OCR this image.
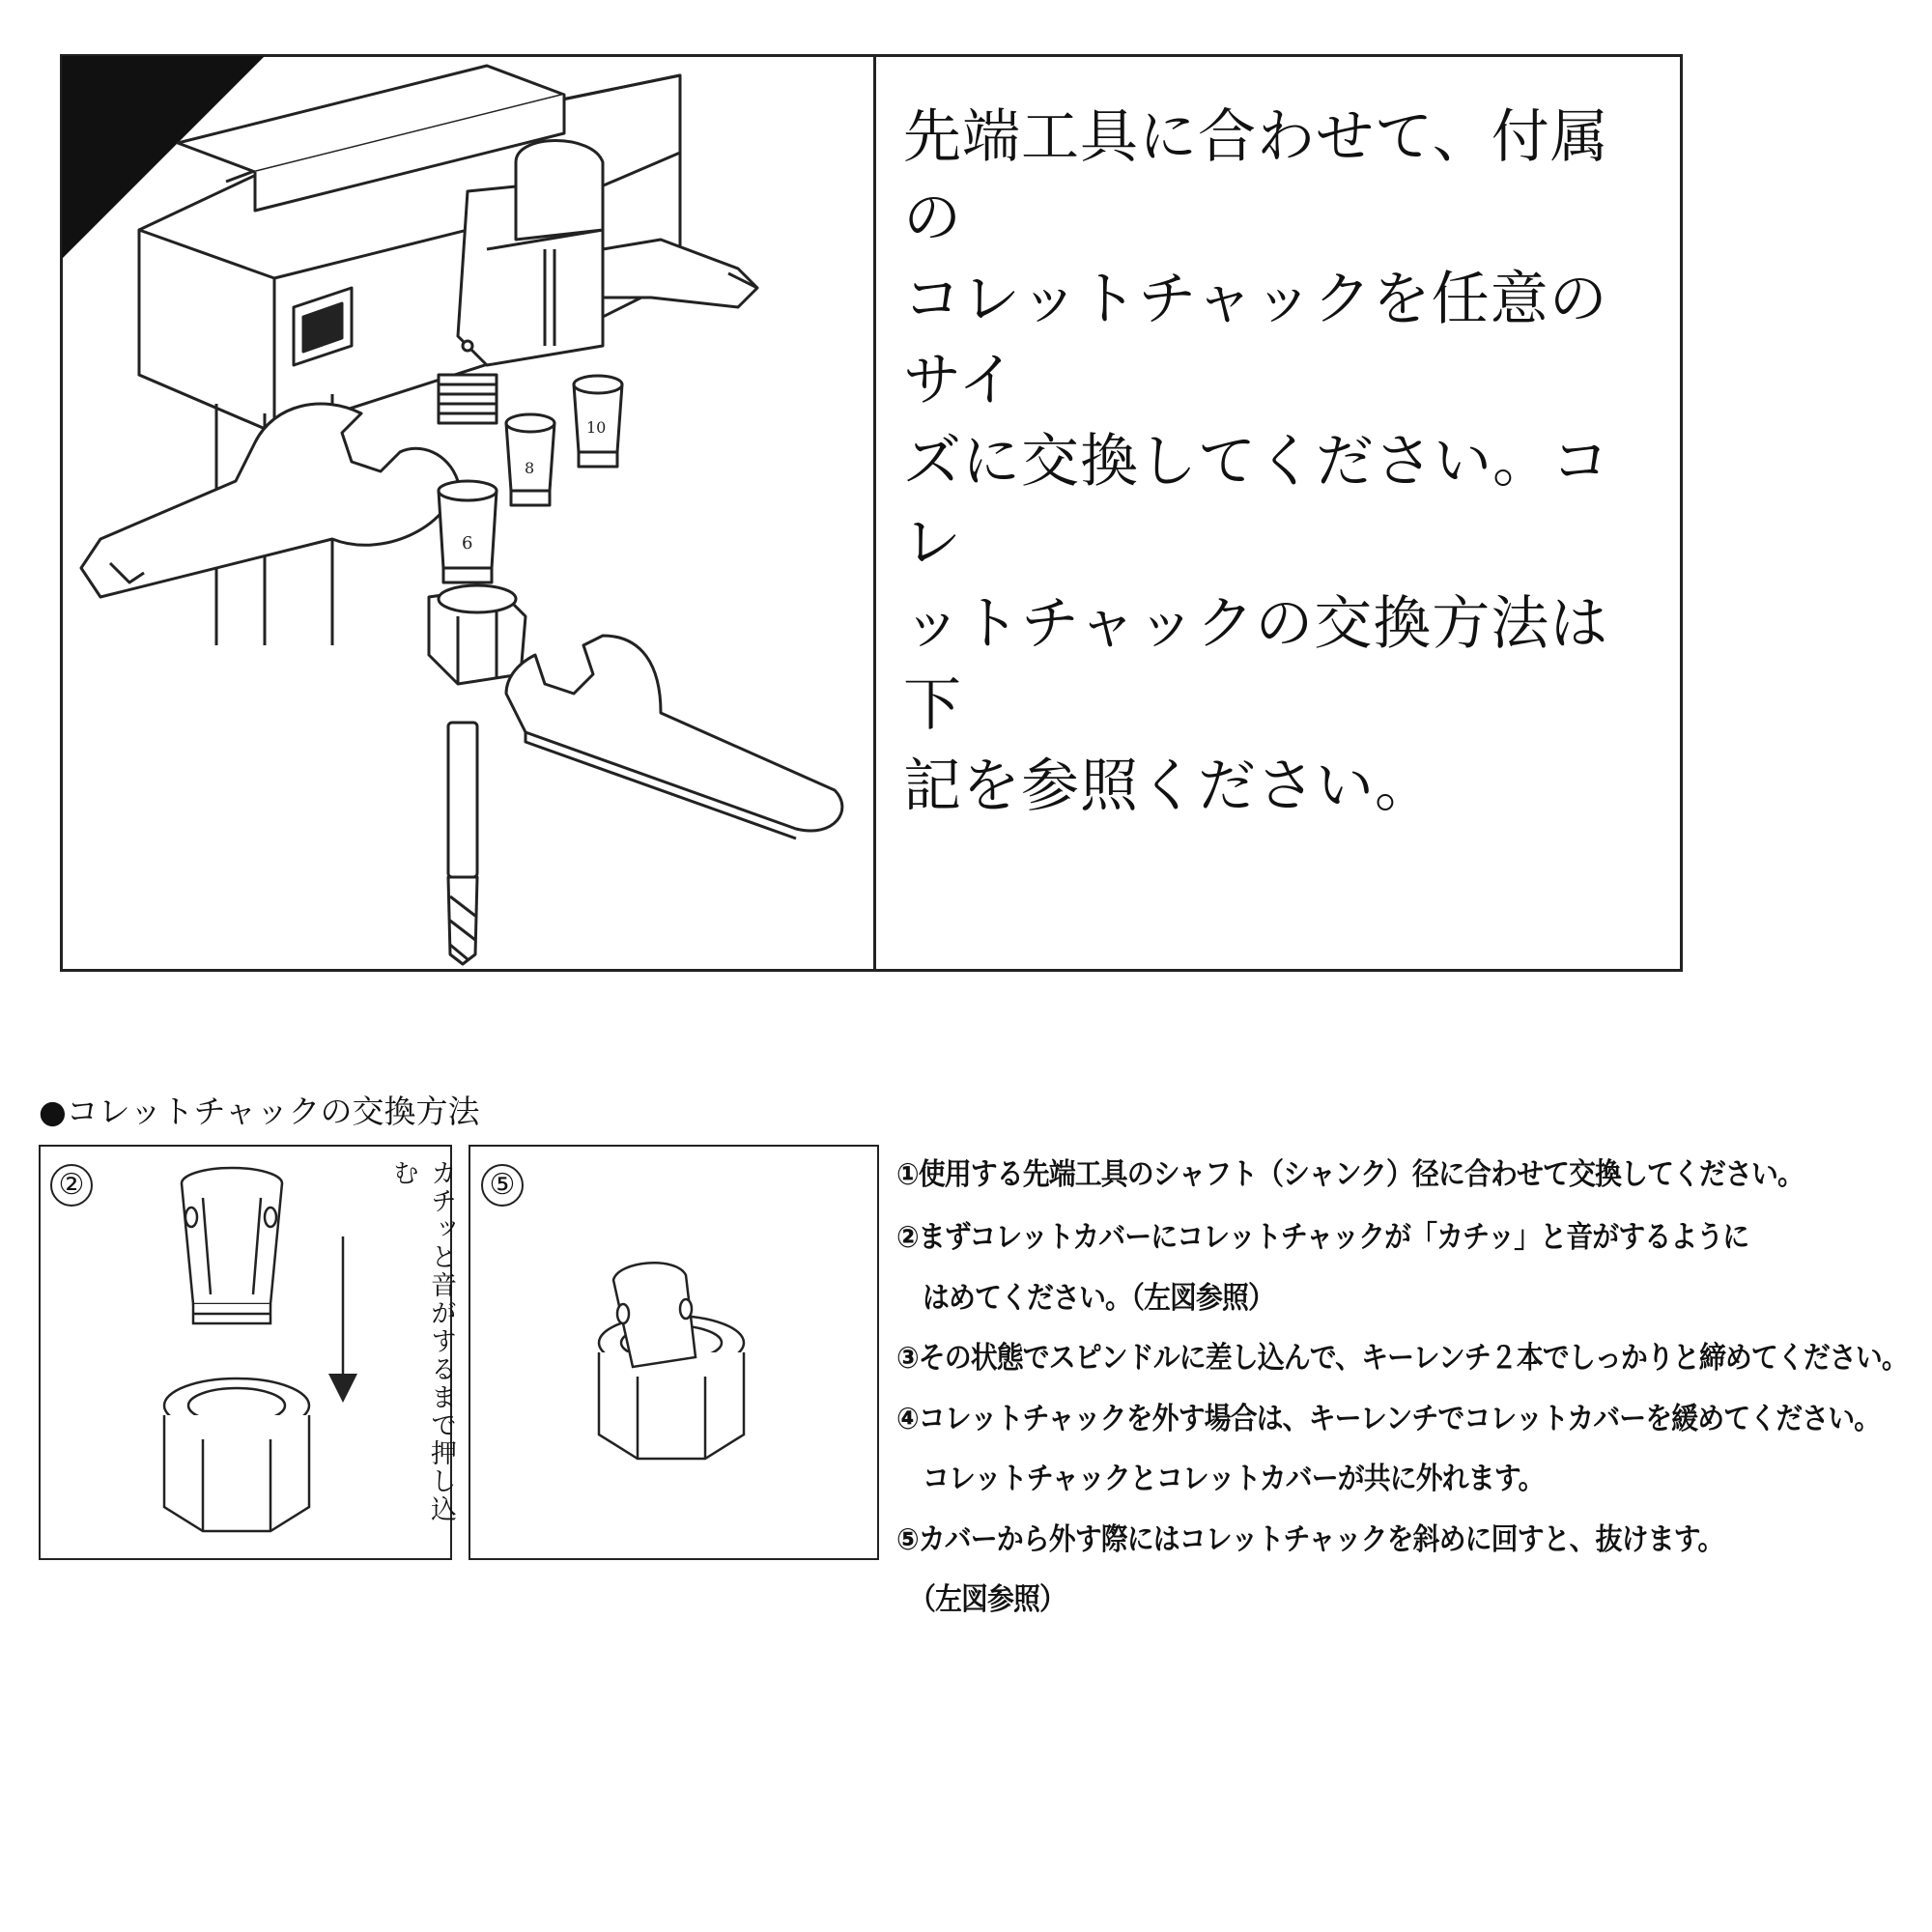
6
8
10
先端工具に合わせて、付属の
コレットチャックを任意のサイ
ズに交換してください。コレ
ットチャックの交換方法は下
記を参照ください。
●コレットチャックの交換方法
②	カチッと音がするまで押し込む	⑤	①使用する先端工具のシャフト（シャンク）径に合わせて交換してください。
②まずコレットカバーにコレットチャックが「カチッ」と音がするように
　はめてください。（左図参照）
③その状態でスピンドルに差し込んで、キーレンチ２本でしっかりと締めてください。
④コレットチャックを外す場合は、キーレンチでコレットカバーを緩めてください。
　コレットチャックとコレットカバーが共に外れます。
⑤カバーから外す際にはコレットチャックを斜めに回すと、抜けます。
　（左図参照）
